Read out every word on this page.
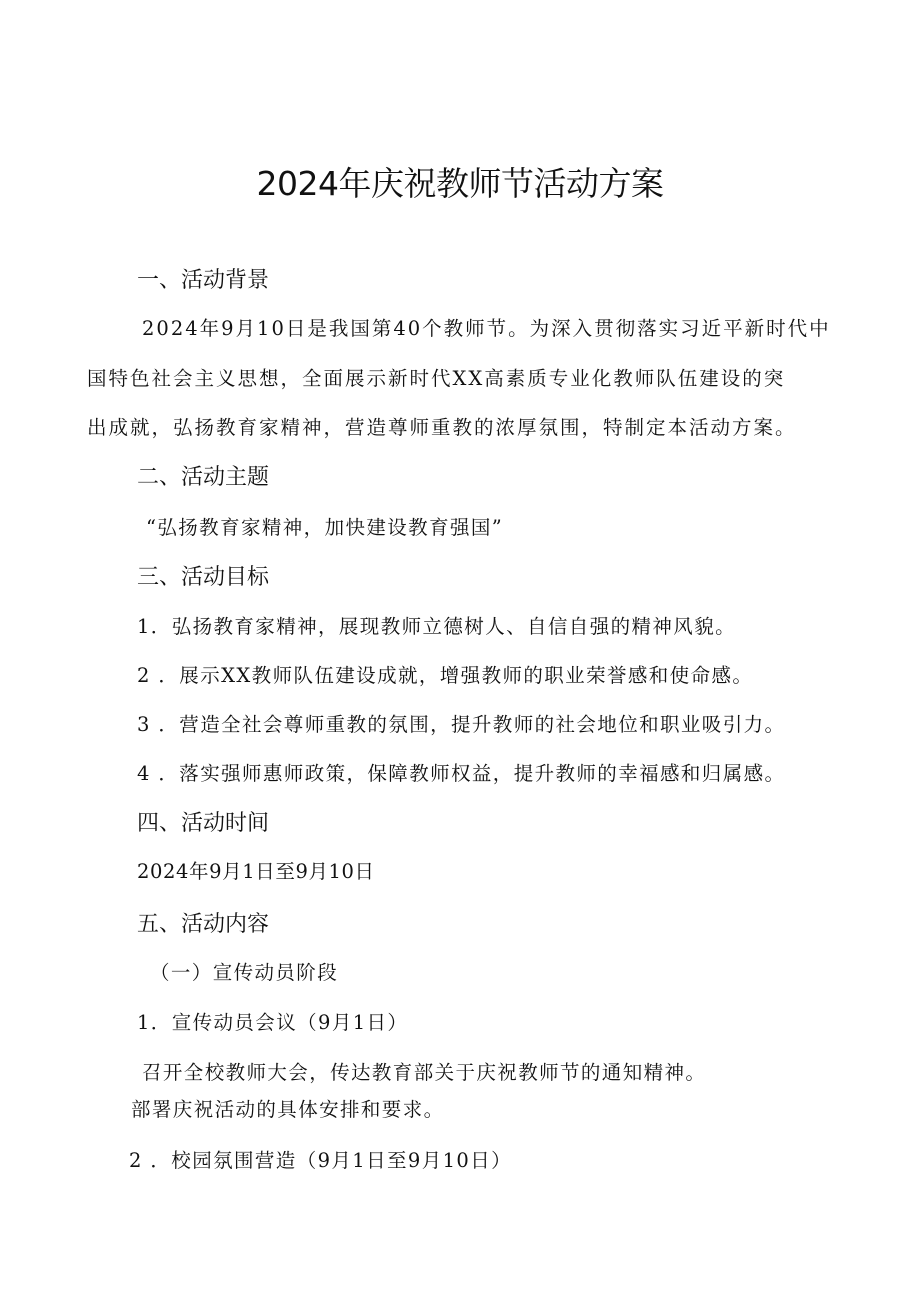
2024年庆祝教师节活动方案
一、活动背景

2024年9月10日是我国第40个教师节。为深入贯彻落实习近平新时代中

国特色社会主义思想，全面展示新时代XX高素质专业化教师队伍建设的突

出成就，弘扬教育家精神，营造尊师重教的浓厚氛围，特制定本活动方案。

二、活动主题

“弘扬教育家精神，加快建设教育强国”

三、活动目标

1．弘扬教育家精神，展现教师立德树人、自信自强的精神风貌。

2 ．展示XX教师队伍建设成就，增强教师的职业荣誉感和使命感。

3 ．营造全社会尊师重教的氛围，提升教师的社会地位和职业吸引力。

4 ．落实强师惠师政策，保障教师权益，提升教师的幸福感和归属感。

四、活动时间

2024年9月1日至9月10日

五、活动内容

（一）宣传动员阶段

1．宣传动员会议（9月1日）

召开全校教师大会，传达教育部关于庆祝教师节的通知精神。

部署庆祝活动的具体安排和要求。

2 ．校园氛围营造（9月1日至9月10日）
